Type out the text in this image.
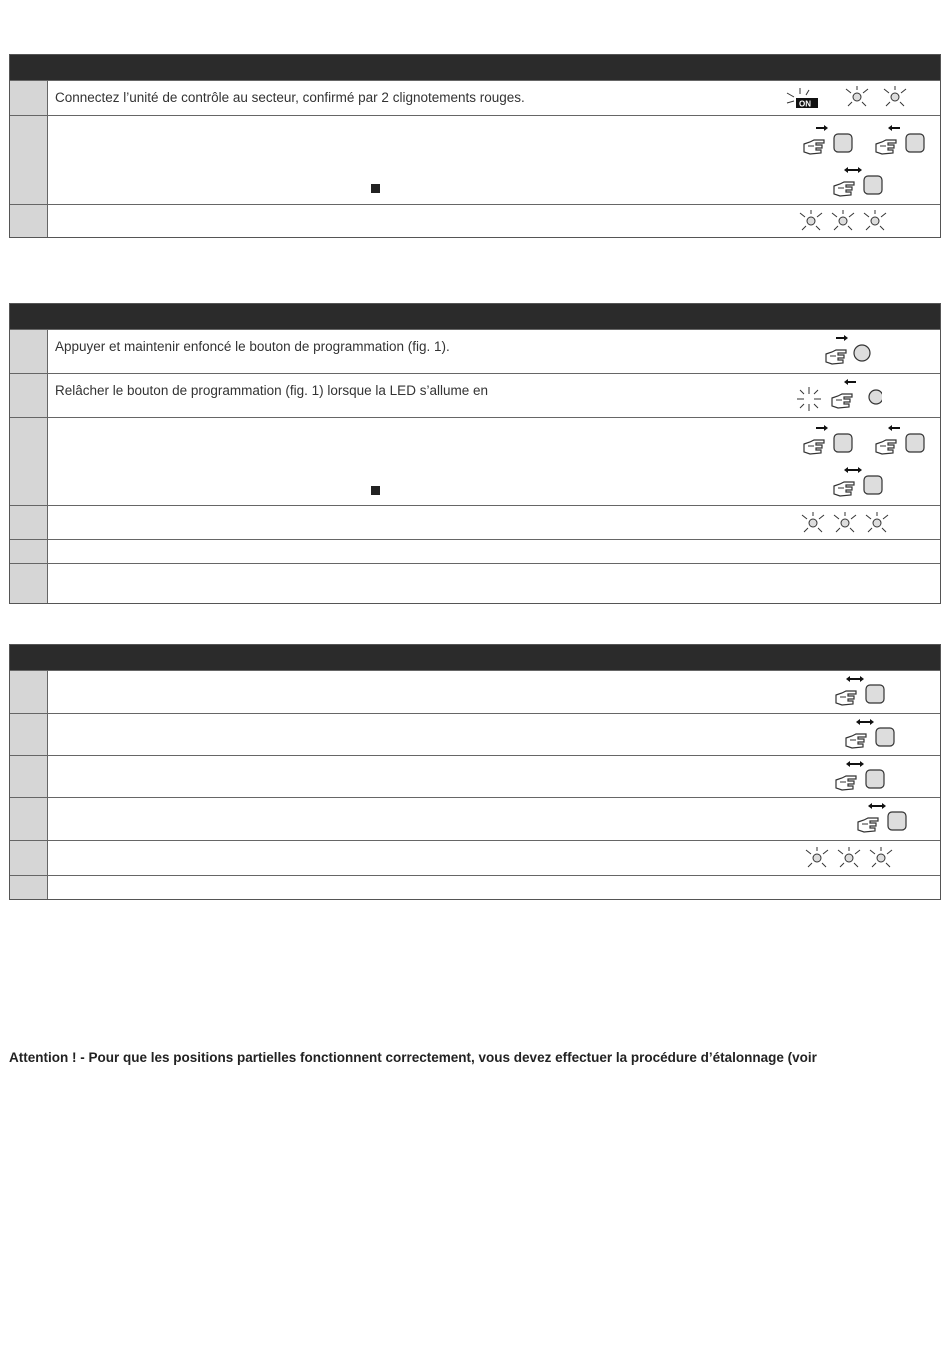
Connectez l’unité de contrôle au secteur, confirmé par 2 clignotements rouges.	ON
Appuyer et maintenir enfoncé le bouton de programmation (fig. 1).
Relâcher le bouton de programmation (fig. 1) lorsque la LED s’allume en
Attention ! - Pour que les positions partielles fonctionnent correctement, vous devez effectuer la procédure d’étalonnage (voir
